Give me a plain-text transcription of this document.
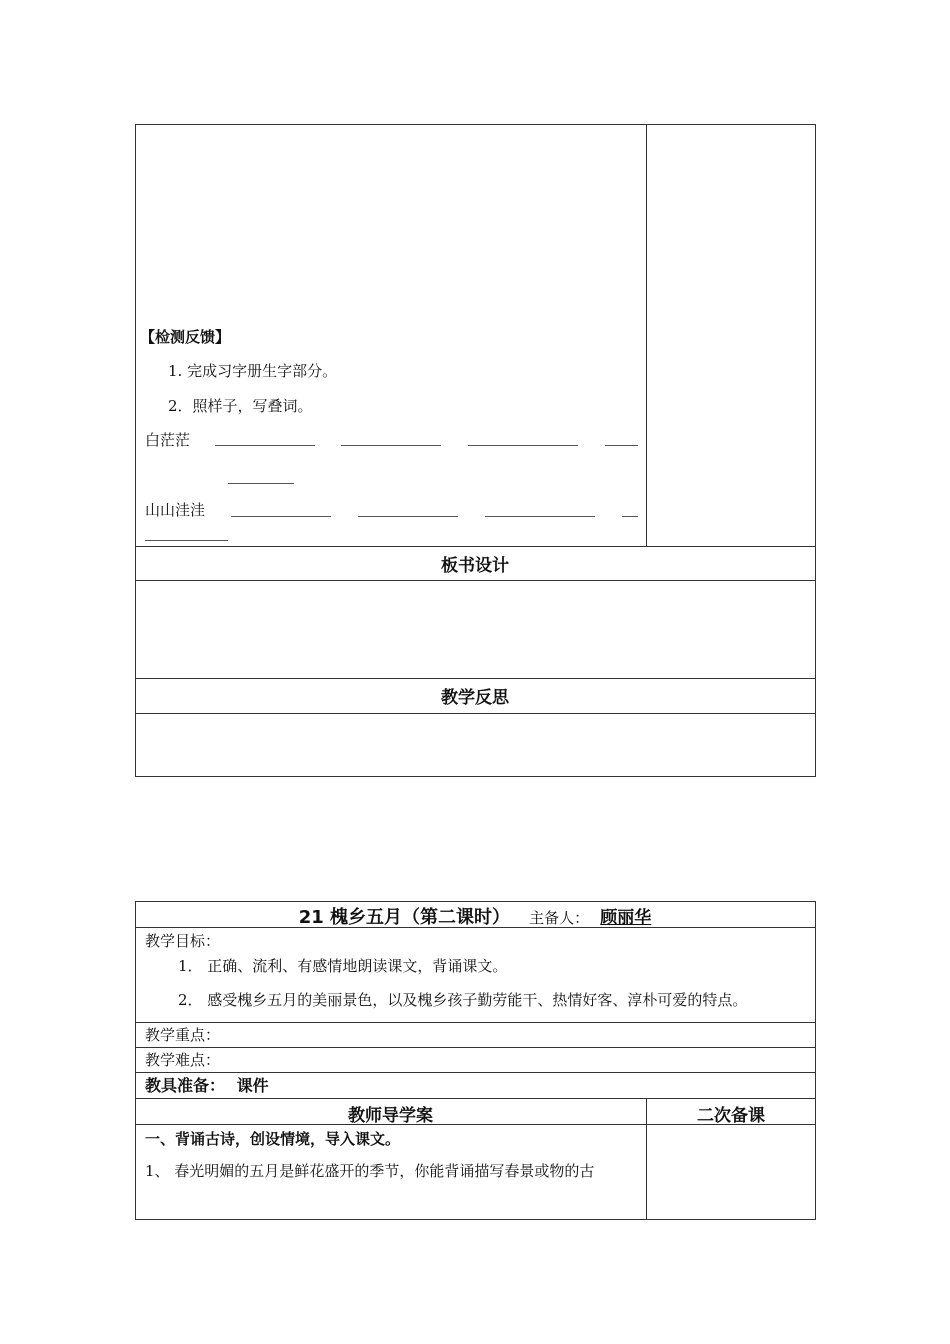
【检测反馈】
1. 完成习字册生字部分。
2．照样子，写叠词。
白茫茫
山山洼洼
板书设计
教学反思
21 槐乡五月（第二课时） 主备人： 顾丽华
教学目标：
1． 正确、流利、有感情地朗读课文，背诵课文。
2． 感受槐乡五月的美丽景色，以及槐乡孩子勤劳能干、热情好客、淳朴可爱的特点。
教学重点：
教学难点：
教具准备： 课件
教师导学案	二次备课
一、背诵古诗，创设情境，导入课文。
1、 春光明媚的五月是鲜花盛开的季节，你能背诵描写春景或物的古
